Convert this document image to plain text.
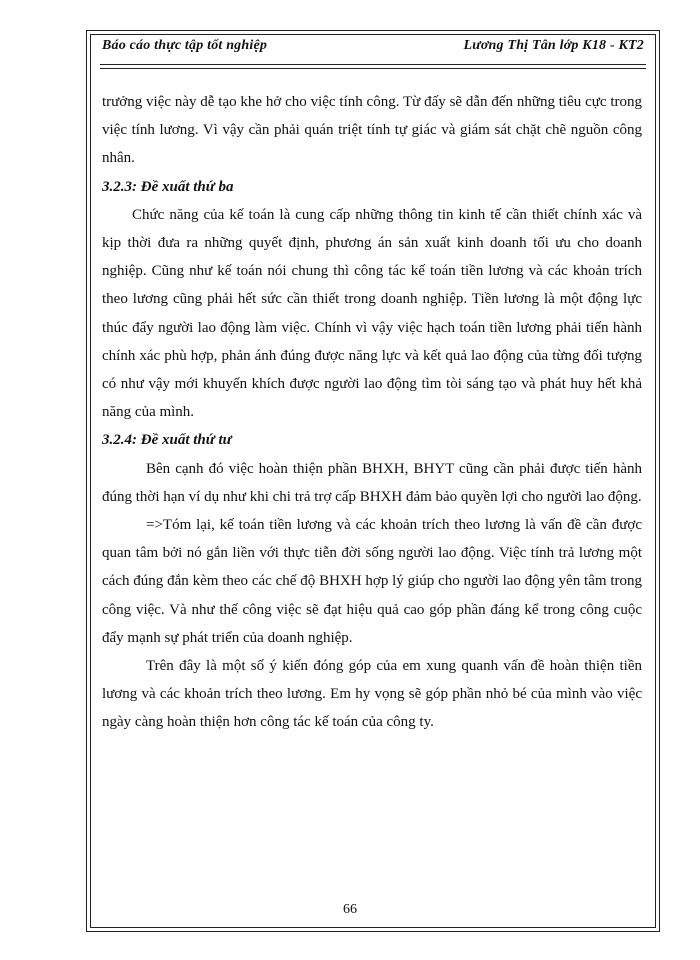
Báo cáo thực tập tốt nghiệp	Lương Thị Tân lớp K18 - KT2

trưởng việc này dễ tạo khe hở cho việc tính công. Từ đấy sẽ dẫn đến những tiêu cực trong việc tính lương. Vì vậy cần phải quán triệt tính tự giác và giám sát chặt chẽ nguồn công nhân.

3.2.3: Đề xuất thứ ba

Chức năng của kế toán là cung cấp những thông tin kinh tế cần thiết chính xác và kịp thời đưa ra những quyết định, phương án sản xuất kinh doanh tối ưu cho doanh nghiệp. Cũng như kế toán nói chung thì công tác kế toán tiền lương và các khoản trích theo lương cũng phải hết sức cần thiết trong doanh nghiệp. Tiền lương là một động lực thúc đẩy người lao động làm việc. Chính vì vậy việc hạch toán tiền lương phải tiến hành chính xác phù hợp, phản ánh đúng được năng lực và kết quả lao động của từng đối tượng có như vậy mới khuyến khích được người lao động tìm tòi sáng tạo và phát huy hết khả năng của mình.

3.2.4: Đề xuất thứ tư

Bên cạnh đó việc hoàn thiện phần BHXH, BHYT cũng cần phải được tiến hành đúng thời hạn ví dụ như khi chi trả trợ cấp BHXH đảm bảo quyền lợi cho người lao động.

=>Tóm lại, kế toán tiền lương và các khoản trích theo lương là vấn đề cần được quan tâm bởi nó gắn liền với thực tiễn đời sống người lao động. Việc tính trả lương một cách đúng đắn kèm theo các chế độ BHXH hợp lý giúp cho người lao động yên tâm trong công việc. Và như thế công việc sẽ đạt hiệu quả cao góp phần đáng kể trong công cuộc đẩy mạnh sự phát triển của doanh nghiệp.

Trên đây là một số ý kiến đóng góp của em xung quanh vấn đề hoàn thiện tiền lương và các khoản trích theo lương. Em hy vọng sẽ góp phần nhỏ bé của mình vào việc ngày càng hoàn thiện hơn công tác kế toán của công ty.

66
